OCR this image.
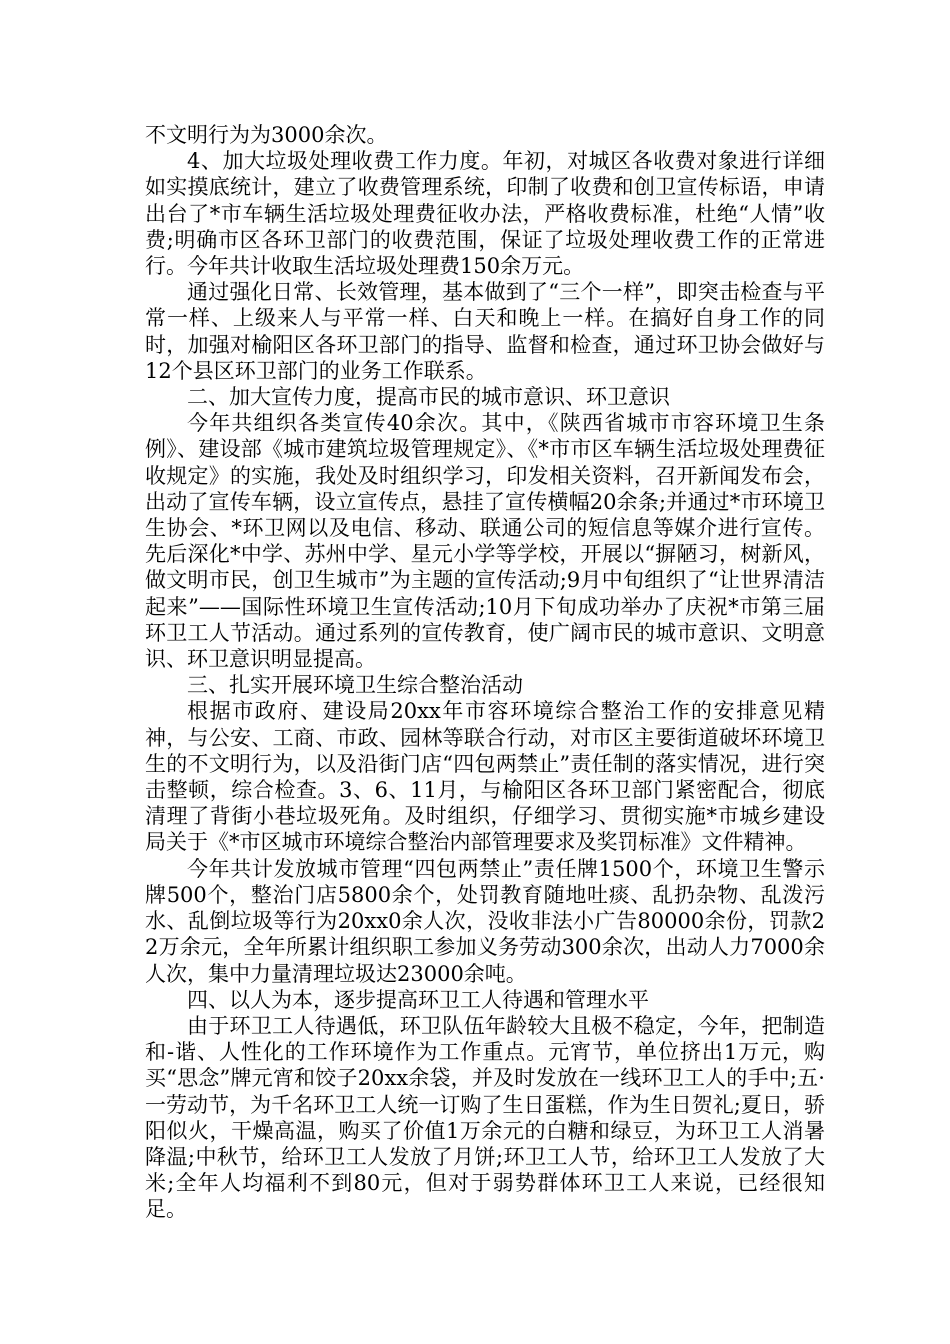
不文明行为为3000余次。

4、加大垃圾处理收费工作力度。年初，对城区各收费对象进行详细如实摸底统计，建立了收费管理系统，印制了收费和创卫宣传标语，申请出台了*市车辆生活垃圾处理费征收办法，严格收费标准，杜绝“人情”收费;明确市区各环卫部门的收费范围，保证了垃圾处理收费工作的正常进行。今年共计收取生活垃圾处理费150余万元。

通过强化日常、长效管理，基本做到了“三个一样”，即突击检查与平常一样、上级来人与平常一样、白天和晚上一样。在搞好自身工作的同时，加强对榆阳区各环卫部门的指导、监督和检查，通过环卫协会做好与12个县区环卫部门的业务工作联系。

二、加大宣传力度，提高市民的城市意识、环卫意识

今年共组织各类宣传40余次。其中，《陕西省城市市容环境卫生条例》、建设部《城市建筑垃圾管理规定》、《*市市区车辆生活垃圾处理费征收规定》的实施，我处及时组织学习，印发相关资料，召开新闻发布会，出动了宣传车辆，设立宣传点，悬挂了宣传横幅20余条;并通过*市环境卫生协会、*环卫网以及电信、移动、联通公司的短信息等媒介进行宣传。先后深化*中学、苏州中学、星元小学等学校，开展以“摒陋习，树新风，做文明市民，创卫生城市”为主题的宣传活动;9月中旬组织了“让世界清洁起来”——国际性环境卫生宣传活动;10月下旬成功举办了庆祝*市第三届环卫工人节活动。通过系列的宣传教育，使广阔市民的城市意识、文明意识、环卫意识明显提高。

三、扎实开展环境卫生综合整治活动

根据市政府、建设局20xx年市容环境综合整治工作的安排意见精神，与公安、工商、市政、园林等联合行动，对市区主要街道破坏环境卫生的不文明行为，以及沿街门店“四包两禁止”责任制的落实情况，进行突击整顿，综合检查。3、6、11月，与榆阳区各环卫部门紧密配合，彻底清理了背街小巷垃圾死角。及时组织，仔细学习、贯彻实施*市城乡建设局关于《*市区城市环境综合整治内部管理要求及奖罚标准》文件精神。

今年共计发放城市管理“四包两禁止”责任牌1500个，环境卫生警示牌500个，整治门店5800余个，处罚教育随地吐痰、乱扔杂物、乱泼污水、乱倒垃圾等行为20xx0余人次，没收非法小广告80000余份，罚款22万余元，全年所累计组织职工参加义务劳动300余次，出动人力7000余人次，集中力量清理垃圾达23000余吨。

四、以人为本，逐步提高环卫工人待遇和管理水平

由于环卫工人待遇低，环卫队伍年龄较大且极不稳定，今年，把制造和-谐、人性化的工作环境作为工作重点。元宵节，单位挤出1万元，购买“思念”牌元宵和饺子20xx余袋，并及时发放在一线环卫工人的手中;五·一劳动节，为千名环卫工人统一订购了生日蛋糕，作为生日贺礼;夏日，骄阳似火，干燥高温，购买了价值1万余元的白糖和绿豆，为环卫工人消暑降温;中秋节，给环卫工人发放了月饼;环卫工人节，给环卫工人发放了大米;全年人均福利不到80元，但对于弱势群体环卫工人来说，已经很知足。
